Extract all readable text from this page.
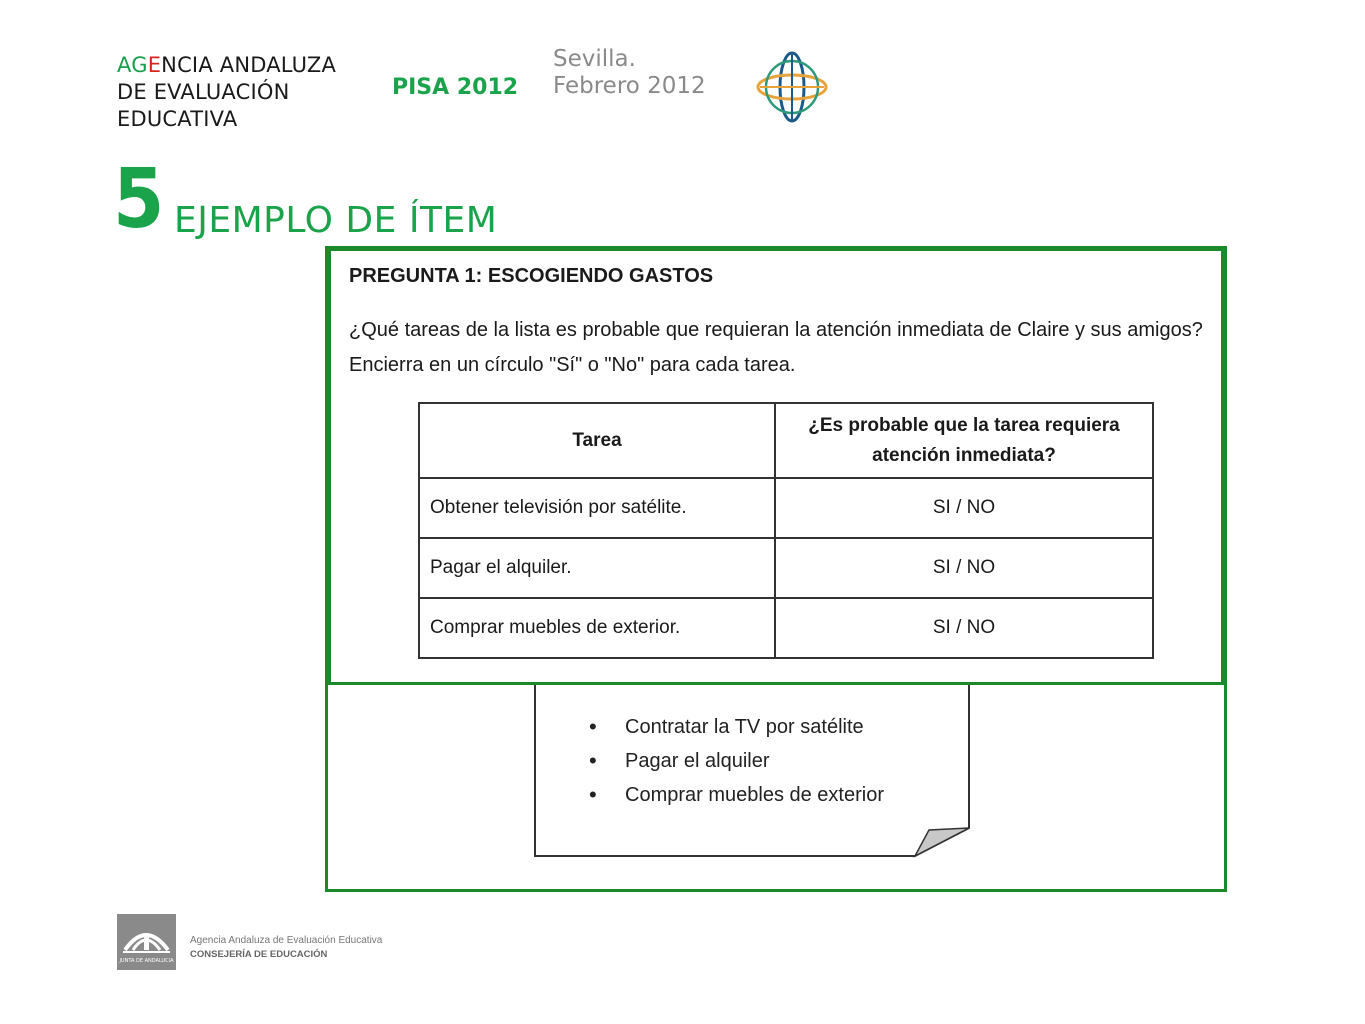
AGENCIA ANDALUZA
DE EVALUACIÓN
EDUCATIVA
PISA 2012
Sevilla.
Febrero 2012
5 EJEMPLO DE ÍTEM
• Contratar la TV por satélite
• Pagar el alquiler
• Comprar muebles de exterior
PREGUNTA 1: ESCOGIENDO GASTOS
¿Qué tareas de la lista es probable que requieran la atención inmediata de Claire y sus amigos? Encierra en un círculo "Sí" o "No" para cada tarea.
Tarea	¿Es probable que la tarea requiera atención inmediata?
Obtener televisión por satélite.	SI / NO
Pagar el alquiler.	SI / NO
Comprar muebles de exterior.	SI / NO
JUNTA DE ANDALUCIA
Agencia Andaluza de Evaluación Educativa
CONSEJERÍA DE EDUCACIÓN
